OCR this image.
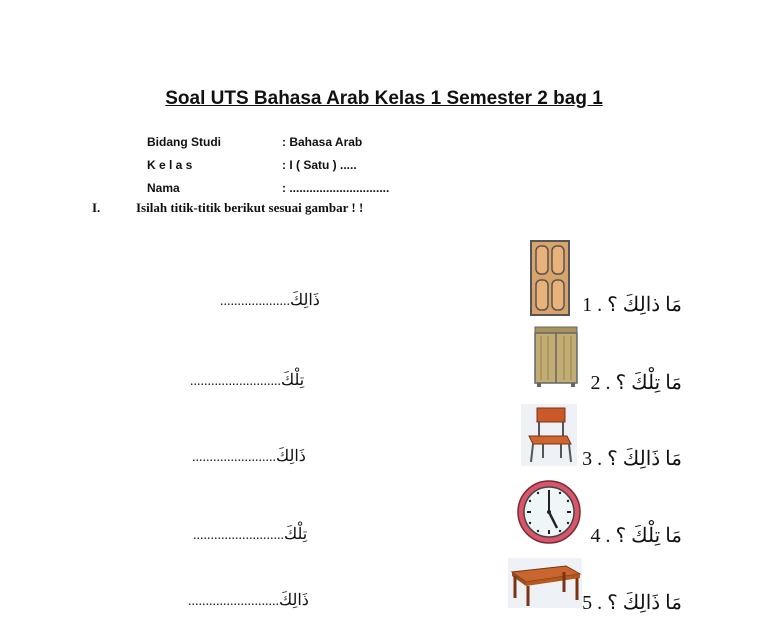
Soal UTS Bahasa Arab Kelas 1 Semester 2 bag 1
Bidang Studi	: Bahasa Arab
K e l a s	: I ( Satu ) .....
Nama	: ..............................
I.	Isilah titik-titik berikut sesuai gambar ! !
....................ذَالِكَ	مَا ذالِكَ ؟ . 1
..........................تِلْكَ	مَا تِلْكَ ؟ . 2
........................ذَالِكَ	مَا ذَالِكَ ؟ . 3
..........................تِلْكَ	مَا تِلْكَ ؟ . 4
..........................ذَالِكَ	مَا ذَالِكَ ؟ . 5
